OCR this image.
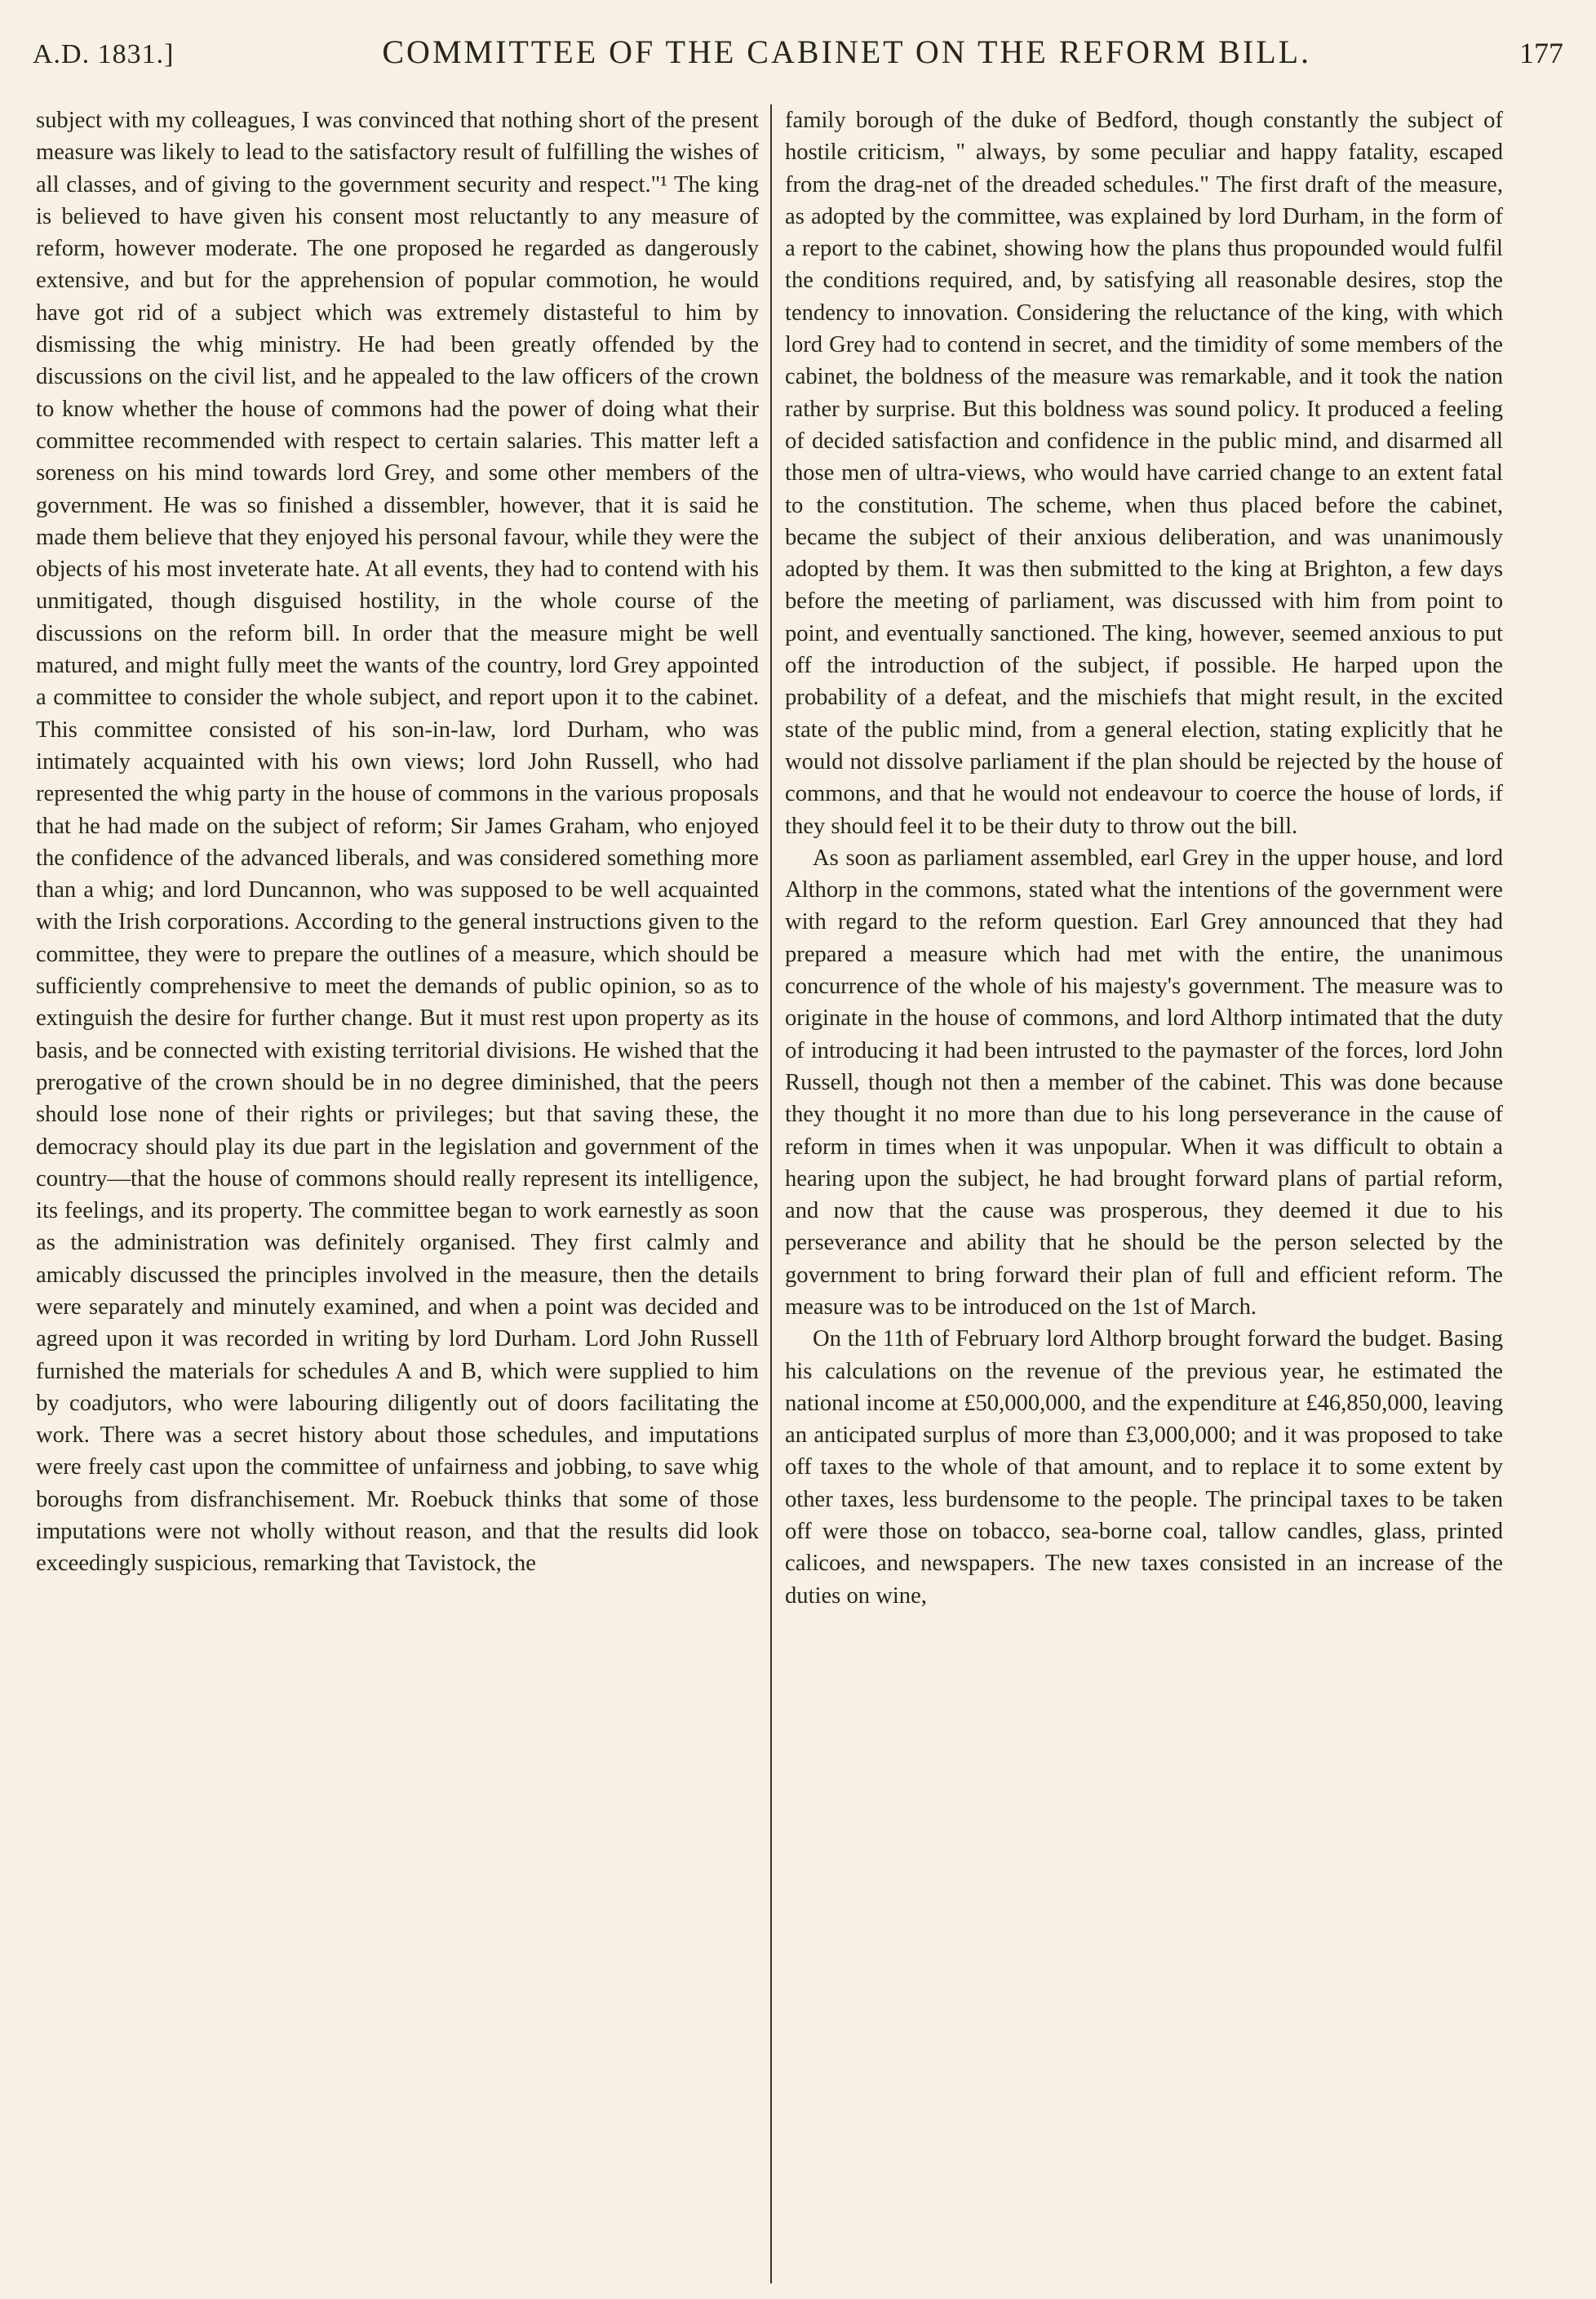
A.D. 1831.]	COMMITTEE OF THE CABINET ON THE REFORM BILL.	177

subject with my colleagues, I was convinced that nothing short of the present measure was likely to lead to the satisfactory result of fulfilling the wishes of all classes, and of giving to the government security and respect."¹ The king is believed to have given his consent most reluctantly to any measure of reform, however moderate. The one proposed he regarded as dangerously extensive, and but for the apprehension of popular commotion, he would have got rid of a subject which was extremely distasteful to him by dismissing the whig ministry. He had been greatly offended by the discussions on the civil list, and he appealed to the law officers of the crown to know whether the house of commons had the power of doing what their committee recommended with respect to certain salaries. This matter left a soreness on his mind towards lord Grey, and some other members of the government. He was so finished a dissembler, however, that it is said he made them believe that they enjoyed his personal favour, while they were the objects of his most inveterate hate. At all events, they had to contend with his unmitigated, though disguised hostility, in the whole course of the discussions on the reform bill. In order that the measure might be well matured, and might fully meet the wants of the country, lord Grey appointed a committee to consider the whole subject, and report upon it to the cabinet. This committee consisted of his son-in-law, lord Durham, who was intimately acquainted with his own views; lord John Russell, who had represented the whig party in the house of commons in the various proposals that he had made on the subject of reform; Sir James Graham, who enjoyed the confidence of the advanced liberals, and was considered something more than a whig; and lord Duncannon, who was supposed to be well acquainted with the Irish corporations. According to the general instructions given to the committee, they were to prepare the outlines of a measure, which should be sufficiently comprehensive to meet the demands of public opinion, so as to extinguish the desire for further change. But it must rest upon property as its basis, and be connected with existing territorial divisions. He wished that the prerogative of the crown should be in no degree diminished, that the peers should lose none of their rights or privileges; but that saving these, the democracy should play its due part in the legislation and government of the country—that the house of commons should really represent its intelligence, its feelings, and its property. The committee began to work earnestly as soon as the administration was definitely organised. They first calmly and amicably discussed the principles involved in the measure, then the details were separately and minutely examined, and when a point was decided and agreed upon it was recorded in writing by lord Durham. Lord John Russell furnished the materials for schedules A and B, which were supplied to him by coadjutors, who were labouring diligently out of doors facilitating the work. There was a secret history about those schedules, and imputations were freely cast upon the committee of unfairness and jobbing, to save whig boroughs from disfranchisement. Mr. Roebuck thinks that some of those imputations were not wholly without reason, and that the results did look exceedingly suspicious, remarking that Tavistock, the

family borough of the duke of Bedford, though constantly the subject of hostile criticism, " always, by some peculiar and happy fatality, escaped from the drag-net of the dreaded schedules." The first draft of the measure, as adopted by the committee, was explained by lord Durham, in the form of a report to the cabinet, showing how the plans thus propounded would fulfil the conditions required, and, by satisfying all reasonable desires, stop the tendency to innovation. Considering the reluctance of the king, with which lord Grey had to contend in secret, and the timidity of some members of the cabinet, the boldness of the measure was remarkable, and it took the nation rather by surprise. But this boldness was sound policy. It produced a feeling of decided satisfaction and confidence in the public mind, and disarmed all those men of ultra-views, who would have carried change to an extent fatal to the constitution. The scheme, when thus placed before the cabinet, became the subject of their anxious deliberation, and was unanimously adopted by them. It was then submitted to the king at Brighton, a few days before the meeting of parliament, was discussed with him from point to point, and eventually sanctioned. The king, however, seemed anxious to put off the introduction of the subject, if possible. He harped upon the probability of a defeat, and the mischiefs that might result, in the excited state of the public mind, from a general election, stating explicitly that he would not dissolve parliament if the plan should be rejected by the house of commons, and that he would not endeavour to coerce the house of lords, if they should feel it to be their duty to throw out the bill.

As soon as parliament assembled, earl Grey in the upper house, and lord Althorp in the commons, stated what the intentions of the government were with regard to the reform question. Earl Grey announced that they had prepared a measure which had met with the entire, the unanimous concurrence of the whole of his majesty's government. The measure was to originate in the house of commons, and lord Althorp intimated that the duty of introducing it had been intrusted to the paymaster of the forces, lord John Russell, though not then a member of the cabinet. This was done because they thought it no more than due to his long perseverance in the cause of reform in times when it was unpopular. When it was difficult to obtain a hearing upon the subject, he had brought forward plans of partial reform, and now that the cause was prosperous, they deemed it due to his perseverance and ability that he should be the person selected by the government to bring forward their plan of full and efficient reform. The measure was to be introduced on the 1st of March.

On the 11th of February lord Althorp brought forward the budget. Basing his calculations on the revenue of the previous year, he estimated the national income at £50,000,000, and the expenditure at £46,850,000, leaving an anticipated surplus of more than £3,000,000; and it was proposed to take off taxes to the whole of that amount, and to replace it to some extent by other taxes, less burdensome to the people. The principal taxes to be taken off were those on tobacco, sea-borne coal, tallow candles, glass, printed calicoes, and newspapers. The new taxes consisted in an increase of the duties on wine,
